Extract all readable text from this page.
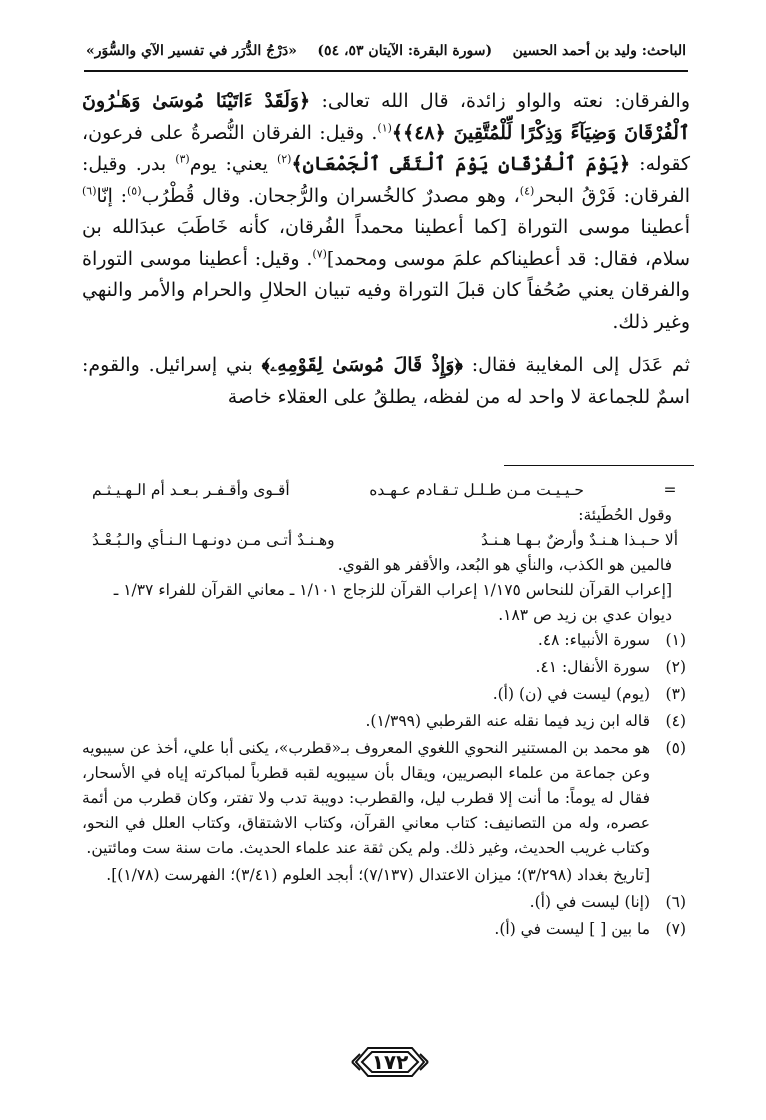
الباحث: وليد بن أحمد الحسين
(سورة البقرة: الآيتان ٥٣، ٥٤)
«دَرْجُ الدُّرَر في تفسير الآي والسُّوَر»

والفرقان: نعته والواو زائدة، قال الله تعالى: ﴿وَلَقَدْ ءَاتَيْنَا مُوسَىٰ وَهَـٰرُونَ ٱلْفُرْقَانَ وَضِيَآءً وَذِكْرًا لِّلْمُتَّقِينَ ﴿٤٨﴾﴾$^{(١)}$. وقيل: الفرقان النُّصرةُ على فرعون، كقوله: ﴿يَوْمَ ٱلْفُرْقَانِ يَوْمَ ٱلْتَقَى ٱلْجَمْعَانِ﴾$^{(٢)}$ يعني: يوم$^{(٣)}$ بدر. وقيل: الفرقان: فَرْقُ البحر$^{(٤)}$، وهو مصدرٌ كالخُسران والرُّجحان. وقال قُطْرُب$^{(٥)}$: إنّا$^{(٦)}$ أعطينا موسى التوراة [كما أعطينا محمداً الفُرقان، كأنه خَاطَبَ عبدَالله بن سلام، فقال: قد أعطيناكم علمَ موسى ومحمد]$^{(٧)}$. وقيل: أعطينا موسى التوراة والفرقان يعني صُحُفاً كان قبلَ التوراة وفيه تبيان الحلالِ والحرام والأمر والنهي وغير ذلك.

ثم عَدَل إلى المغايبة فقال: ﴿وَإِذْ قَالَ مُوسَىٰ لِقَوْمِهِۦ﴾ بني إسرائيل. والقوم: اسمٌ للجماعة لا واحد له من لفظه، يطلقُ على العقلاء خاصة

=
حـيـيـت مـن طـلـل تـقـادم عـهـده
أقـوى وأقـفـر بـعـد أم الـهـيـثـم

وقول الحُطَيئة:

ألا حـبـذا هـنـدٌ وأرضٌ بـهـا هـنـدُ
وهـنـدٌ أتـى مـن دونـهـا الـنـأي والـبُـعْـدُ

فالمين هو الكذب، والنأي هو البُعد، والأقفر هو القوي.

[إعراب القرآن للنحاس ١/١٧٥ إعراب القرآن للزجاج ١/١٠١ ـ معاني القرآن للفراء ١/٣٧ ـ ديوان عدي بن زيد ص ١٨٣.

(١)
سورة الأنبياء: ٤٨.
(٢)
سورة الأنفال: ٤١.
(٣)
(يوم) ليست في (ن) (أ).
(٤)
قاله ابن زيد فيما نقله عنه القرطبي (١/٣٩٩).
(٥)
هو محمد بن المستنير النحوي اللغوي المعروف بـ«قطرب»، يكنى أبا علي، أخذ عن سيبويه وعن جماعة من علماء البصريين، ويقال بأن سيبويه لقبه قطرباً لمباكرته إياه في الأسحار، فقال له يوماً: ما أنت إلا قطرب ليل، والقطرب: دويبة تدب ولا تفتر، وكان قطرب من أئمة عصره، وله من التصانيف: كتاب معاني القرآن، وكتاب الاشتقاق، وكتاب العلل في النحو، وكتاب غريب الحديث، وغير ذلك. ولم يكن ثقة عند علماء الحديث. مات سنة ست ومائتين.
[تاريخ بغداد (٣/٢٩٨)؛ ميزان الاعتدال (٧/١٣٧)؛ أبجد العلوم (٣/٤١)؛ الفهرست (١/٧٨)].
(٦)
(إنا) ليست في (أ).
(٧)
ما بين [ ] ليست في (أ).
١٧٢
